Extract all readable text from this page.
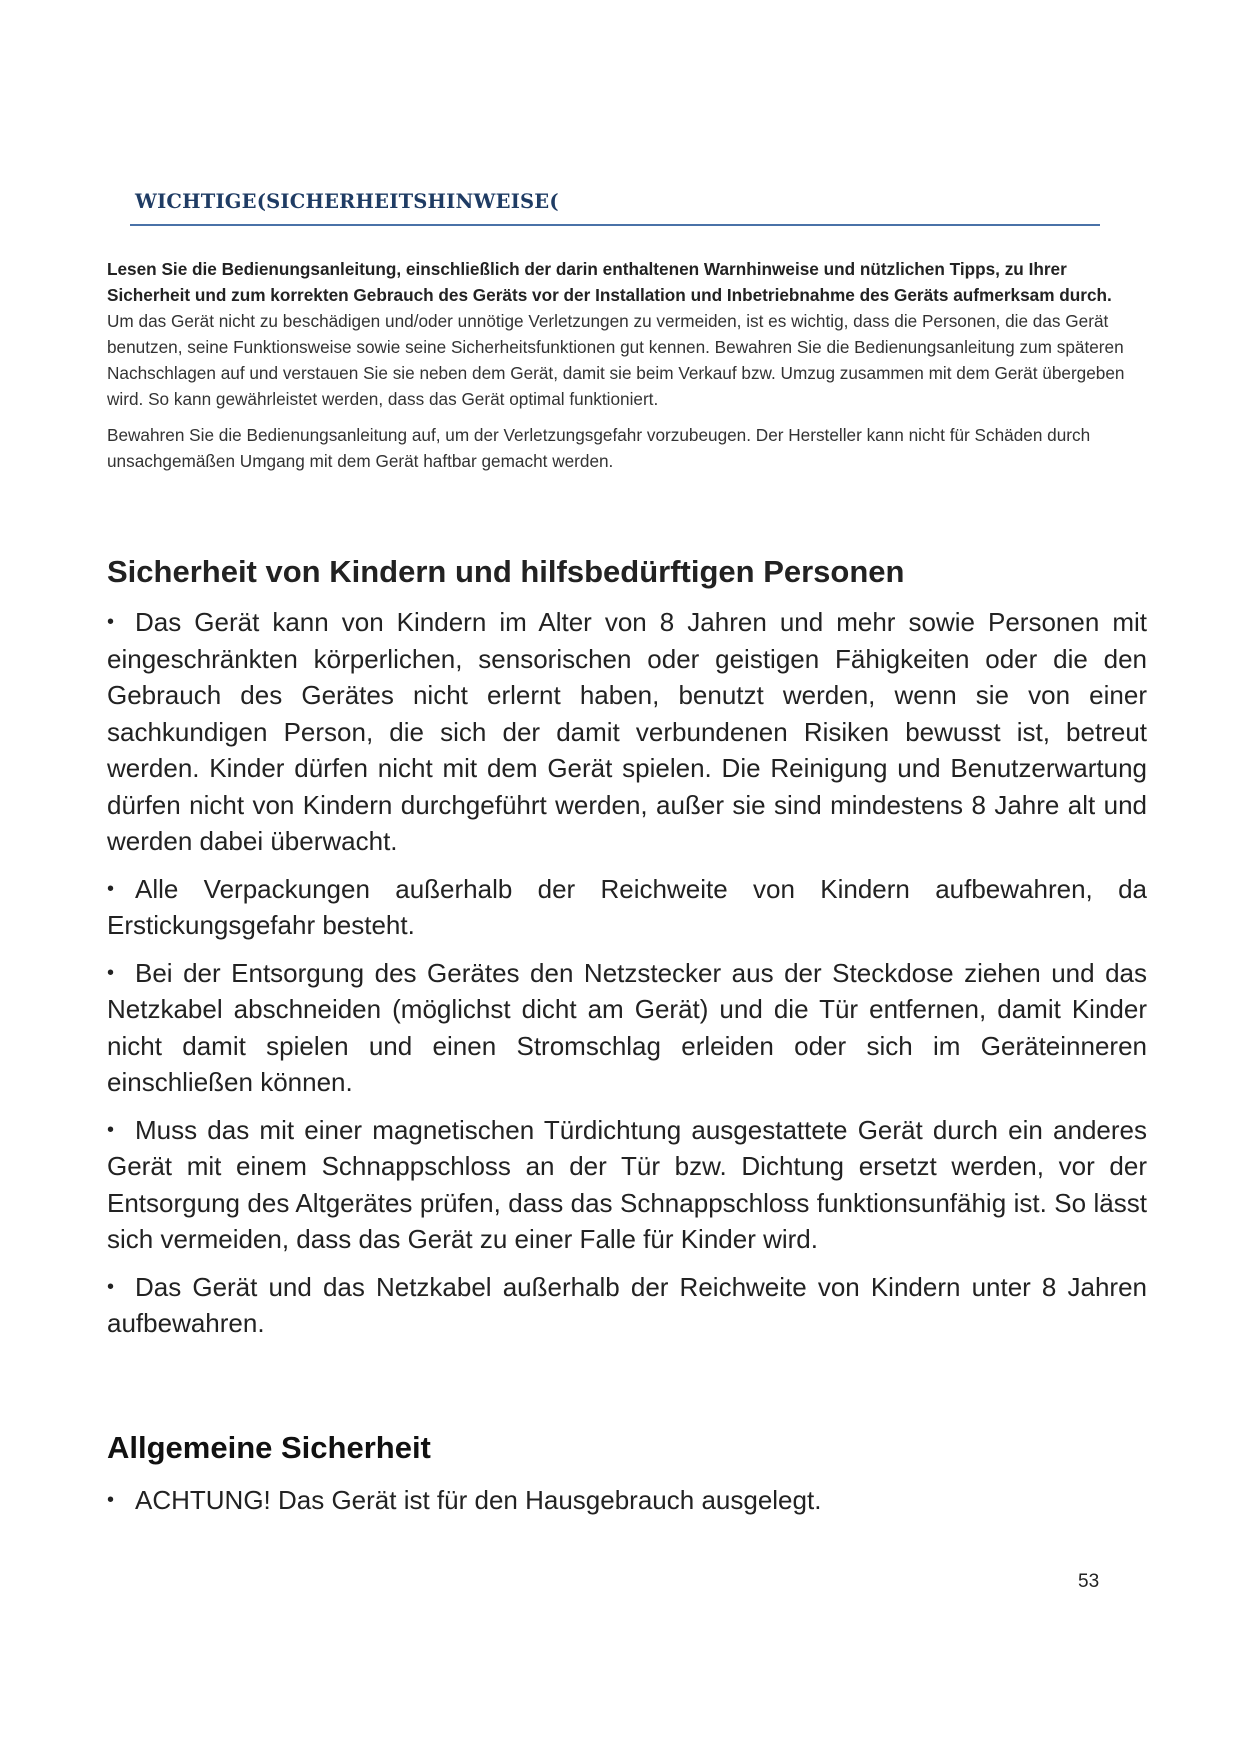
WICHTIGE(SICHERHEITSHINWEISE(

Lesen Sie die Bedienungsanleitung, einschließlich der darin enthaltenen Warnhinweise und nützlichen Tipps, zu Ihrer Sicherheit und zum korrekten Gebrauch des Geräts vor der Installation und Inbetriebnahme des Geräts aufmerksam durch. Um das Gerät nicht zu beschädigen und/oder unnötige Verletzungen zu vermeiden, ist es wichtig, dass die Personen, die das Gerät benutzen, seine Funktionsweise sowie seine Sicherheitsfunktionen gut kennen. Bewahren Sie die Bedienungsanleitung zum späteren Nachschlagen auf und verstauen Sie sie neben dem Gerät, damit sie beim Verkauf bzw. Umzug zusammen mit dem Gerät übergeben wird. So kann gewährleistet werden, dass das Gerät optimal funktioniert.

Bewahren Sie die Bedienungsanleitung auf, um der Verletzungsgefahr vorzubeugen. Der Hersteller kann nicht für Schäden durch unsachgemäßen Umgang mit dem Gerät haftbar gemacht werden.

Sicherheit von Kindern und hilfsbedürftigen Personen
• Das Gerät kann von Kindern im Alter von 8 Jahren und mehr sowie Personen mit eingeschränkten körperlichen, sensorischen oder geistigen Fähigkeiten oder die den Gebrauch des Gerätes nicht erlernt haben, benutzt werden, wenn sie von einer sachkundigen Person, die sich der damit verbundenen Risiken bewusst ist, betreut werden. Kinder dürfen nicht mit dem Gerät spielen. Die Reinigung und Benutzerwartung dürfen nicht von Kindern durchgeführt werden, außer sie sind mindestens 8 Jahre alt und werden dabei überwacht.
• Alle Verpackungen außerhalb der Reichweite von Kindern aufbewahren, da Erstickungsgefahr besteht.
• Bei der Entsorgung des Gerätes den Netzstecker aus der Steckdose ziehen und das Netzkabel abschneiden (möglichst dicht am Gerät) und die Tür entfernen, damit Kinder nicht damit spielen und einen Stromschlag erleiden oder sich im Geräteinneren einschließen können.
• Muss das mit einer magnetischen Türdichtung ausgestattete Gerät durch ein anderes Gerät mit einem Schnappschloss an der Tür bzw. Dichtung ersetzt werden, vor der Entsorgung des Altgerätes prüfen, dass das Schnappschloss funktionsunfähig ist. So lässt sich vermeiden, dass das Gerät zu einer Falle für Kinder wird.
• Das Gerät und das Netzkabel außerhalb der Reichweite von Kindern unter 8 Jahren aufbewahren.
Allgemeine Sicherheit
• ACHTUNG! Das Gerät ist für den Hausgebrauch ausgelegt.
53
